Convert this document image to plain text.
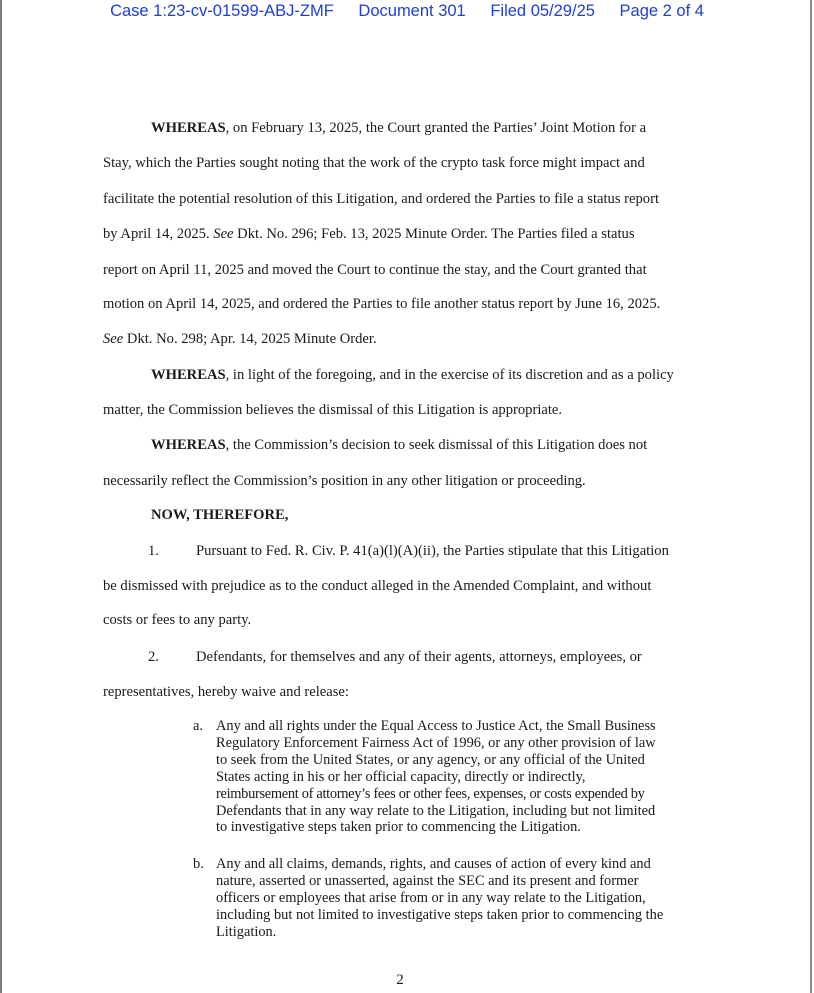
Case 1:23-cv-01599-ABJ-ZMF Document 301 Filed 05/29/25 Page 2 of 4
WHEREAS, on February 13, 2025, the Court granted the Parties’ Joint Motion for a
Stay, which the Parties sought noting that the work of the crypto task force might impact and
facilitate the potential resolution of this Litigation, and ordered the Parties to file a status report
by April 14, 2025. See Dkt. No. 296; Feb. 13, 2025 Minute Order. The Parties filed a status
report on April 11, 2025 and moved the Court to continue the stay, and the Court granted that
motion on April 14, 2025, and ordered the Parties to file another status report by June 16, 2025.
See Dkt. No. 298; Apr. 14, 2025 Minute Order.
WHEREAS, in light of the foregoing, and in the exercise of its discretion and as a policy
matter, the Commission believes the dismissal of this Litigation is appropriate.
WHEREAS, the Commission’s decision to seek dismissal of this Litigation does not
necessarily reflect the Commission’s position in any other litigation or proceeding.
NOW, THEREFORE,
1.	Pursuant to Fed. R. Civ. P. 41(a)(l)(A)(ii), the Parties stipulate that this Litigation
be dismissed with prejudice as to the conduct alleged in the Amended Complaint, and without
costs or fees to any party.
2.	Defendants, for themselves and any of their agents, attorneys, employees, or
representatives, hereby waive and release:
a. Any and all rights under the Equal Access to Justice Act, the Small Business
Regulatory Enforcement Fairness Act of 1996, or any other provision of law
to seek from the United States, or any agency, or any official of the United
States acting in his or her official capacity, directly or indirectly,
reimbursement of attorney’s fees or other fees, expenses, or costs expended by
Defendants that in any way relate to the Litigation, including but not limited
to investigative steps taken prior to commencing the Litigation.
b. Any and all claims, demands, rights, and causes of action of every kind and
nature, asserted or unasserted, against the SEC and its present and former
officers or employees that arise from or in any way relate to the Litigation,
including but not limited to investigative steps taken prior to commencing the
Litigation.
2
